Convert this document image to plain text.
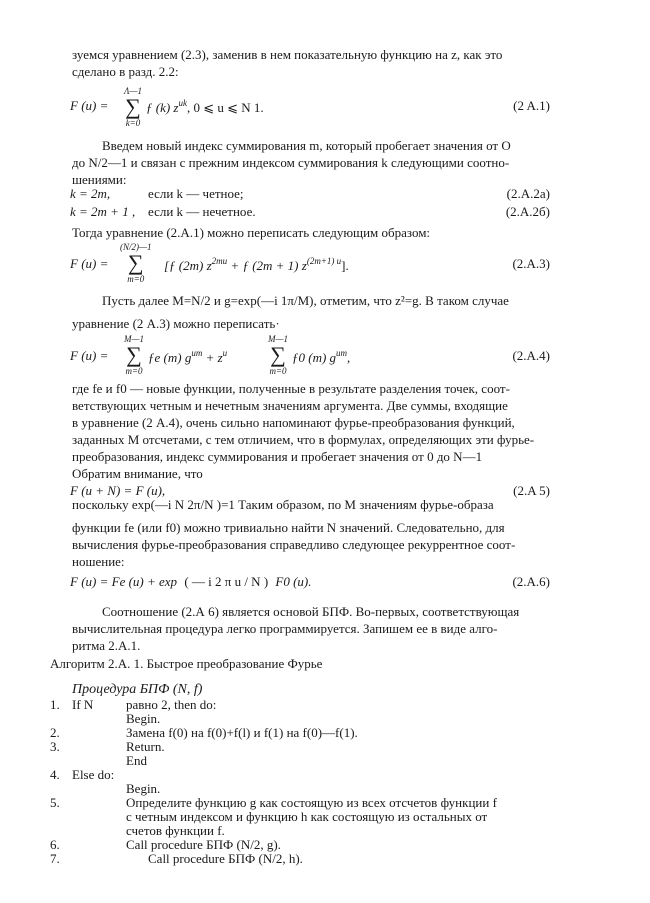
зуемся уравнением (2.3), заменив в нем показательную функцию на z, как это
сделано в разд. 2.2:
F (u) =
Λ—1
∑
k=0
ƒ (k) $z^{uk}$, 0 ⩽ u ⩽ N 1.	(2 A.1)
Введем новый индекс суммирования m, который пробегает значения от О
до N/2—1 и связан с прежним индексом суммирования k следующими соотно-
шениями:
k = 2m,	если k — четное;	(2.A.2a)
k = 2m + 1 , если k — нечетное.	(2.A.2б)
Тогда уравнение (2.A.1) можно переписать следующим образом:
F (u) =
(N/2)—1
∑
m=0
[ƒ (2m) $z^{2mu}$ + ƒ (2m + 1) $z^{(2m+1) u}$].	(2.A.3)
Пусть далее M=N/2 и g=exp(—i 1π/M), отметим, что z²=g. В таком случае
уравнение (2 А.3) можно переписать·
F (u) =
M—1
∑
m=0
ƒe (m) $g^{um} + z^u$
M—1
∑
m=0
ƒ0 (m) $g^{um}$,	(2.A.4)
где fe и f0 — новые функции, полученные в результате разделения точек, соот-
ветствующих четным и нечетным значениям аргумента. Две суммы, входящие
в уравнение (2 А.4), очень сильно напоминают фурье-преобразования функций,
заданных M отсчетами, с тем отличием, что в формулах, определяющих эти фурье-
преобразования, индекс суммирования и пробегает значения от 0 до N—1
Обратим внимание, что
F (u + N) = F (u),	(2.A 5)
поскольку exp(—i N 2π/N )=1 Таким образом, по M значениям фурье-образа
функции fe (или f0) можно тривиально найти N значений. Следовательно, для
вычисления фурье-преобразования справедливо следующее рекуррентное соот-
ношение:
F (u) = Fe (u) + exp ( — i 2 π u / N ) F0 (u).	(2.A.6)
Соотношение (2.А 6) является основой БПФ. Во-первых, соответствующая
вычислительная процедура легко программируется. Запишем ее в виде алго-
ритма 2.А.1.
Алгоритм 2.А. 1. Быстрое преобразование Фурье
Процедура БПФ (N, f)
1. If N	равно 2, then do:
Begin.
2.	Замена f(0) на f(0)+f(l) и f(1) на f(0)—f(1).
3.	Return.
End
4. Else do:
Begin.
5.	Определите функцию g как состоящую из всех отсчетов функции f
с четным индексом и функцию h как состоящую из остальных от
счетов функции f.
6.	Call procedure БПФ (N/2, g).
7.	Call procedure БПФ (N/2, h).
